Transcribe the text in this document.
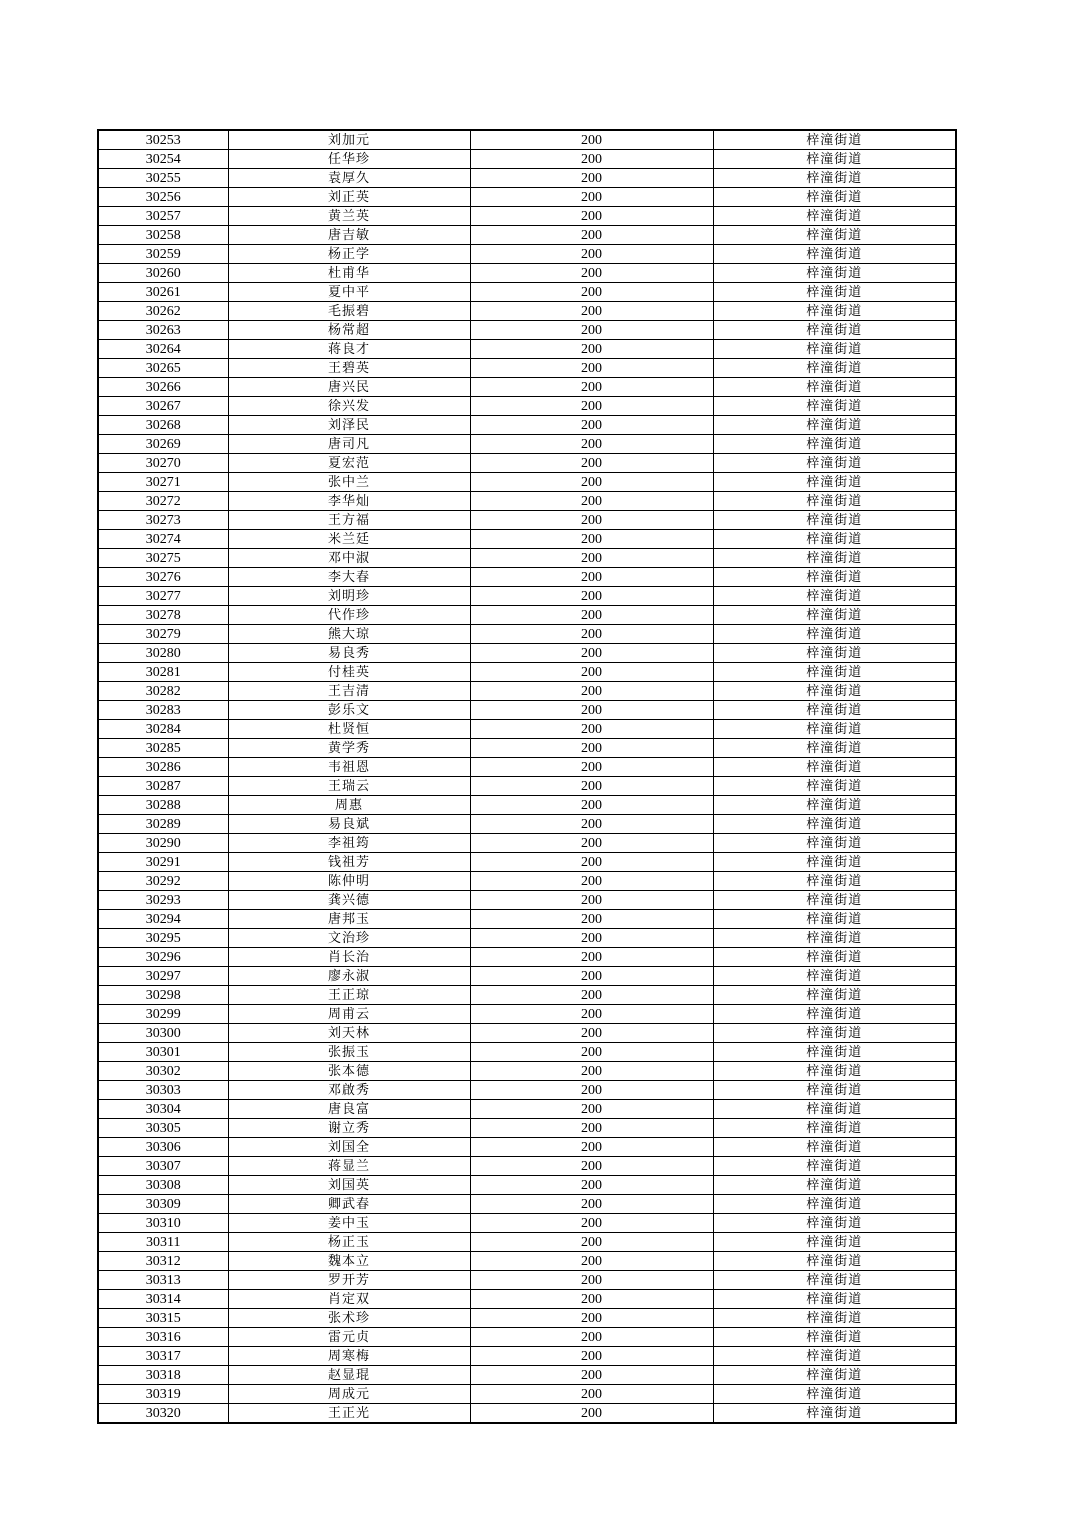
30253	刘加元	200	梓潼街道
30254	任华珍	200	梓潼街道
30255	袁厚久	200	梓潼街道
30256	刘正英	200	梓潼街道
30257	黄兰英	200	梓潼街道
30258	唐吉敏	200	梓潼街道
30259	杨正学	200	梓潼街道
30260	杜甫华	200	梓潼街道
30261	夏中平	200	梓潼街道
30262	毛振碧	200	梓潼街道
30263	杨常超	200	梓潼街道
30264	蒋良才	200	梓潼街道
30265	王碧英	200	梓潼街道
30266	唐兴民	200	梓潼街道
30267	徐兴发	200	梓潼街道
30268	刘泽民	200	梓潼街道
30269	唐司凡	200	梓潼街道
30270	夏宏范	200	梓潼街道
30271	张中兰	200	梓潼街道
30272	李华灿	200	梓潼街道
30273	王方福	200	梓潼街道
30274	米兰廷	200	梓潼街道
30275	邓中淑	200	梓潼街道
30276	李大春	200	梓潼街道
30277	刘明珍	200	梓潼街道
30278	代作珍	200	梓潼街道
30279	熊大琼	200	梓潼街道
30280	易良秀	200	梓潼街道
30281	付桂英	200	梓潼街道
30282	王吉清	200	梓潼街道
30283	彭乐文	200	梓潼街道
30284	杜贤恒	200	梓潼街道
30285	黄学秀	200	梓潼街道
30286	韦祖恩	200	梓潼街道
30287	王瑞云	200	梓潼街道
30288	周惠	200	梓潼街道
30289	易良斌	200	梓潼街道
30290	李祖筠	200	梓潼街道
30291	钱祖芳	200	梓潼街道
30292	陈仲明	200	梓潼街道
30293	龚兴德	200	梓潼街道
30294	唐邦玉	200	梓潼街道
30295	文治珍	200	梓潼街道
30296	肖长治	200	梓潼街道
30297	廖永淑	200	梓潼街道
30298	王正琼	200	梓潼街道
30299	周甫云	200	梓潼街道
30300	刘天林	200	梓潼街道
30301	张振玉	200	梓潼街道
30302	张本德	200	梓潼街道
30303	邓啟秀	200	梓潼街道
30304	唐良富	200	梓潼街道
30305	谢立秀	200	梓潼街道
30306	刘国全	200	梓潼街道
30307	蒋显兰	200	梓潼街道
30308	刘国英	200	梓潼街道
30309	卿武春	200	梓潼街道
30310	姜中玉	200	梓潼街道
30311	杨正玉	200	梓潼街道
30312	魏本立	200	梓潼街道
30313	罗开芳	200	梓潼街道
30314	肖定双	200	梓潼街道
30315	张术珍	200	梓潼街道
30316	雷元贞	200	梓潼街道
30317	周寒梅	200	梓潼街道
30318	赵显琨	200	梓潼街道
30319	周成元	200	梓潼街道
30320	王正光	200	梓潼街道
